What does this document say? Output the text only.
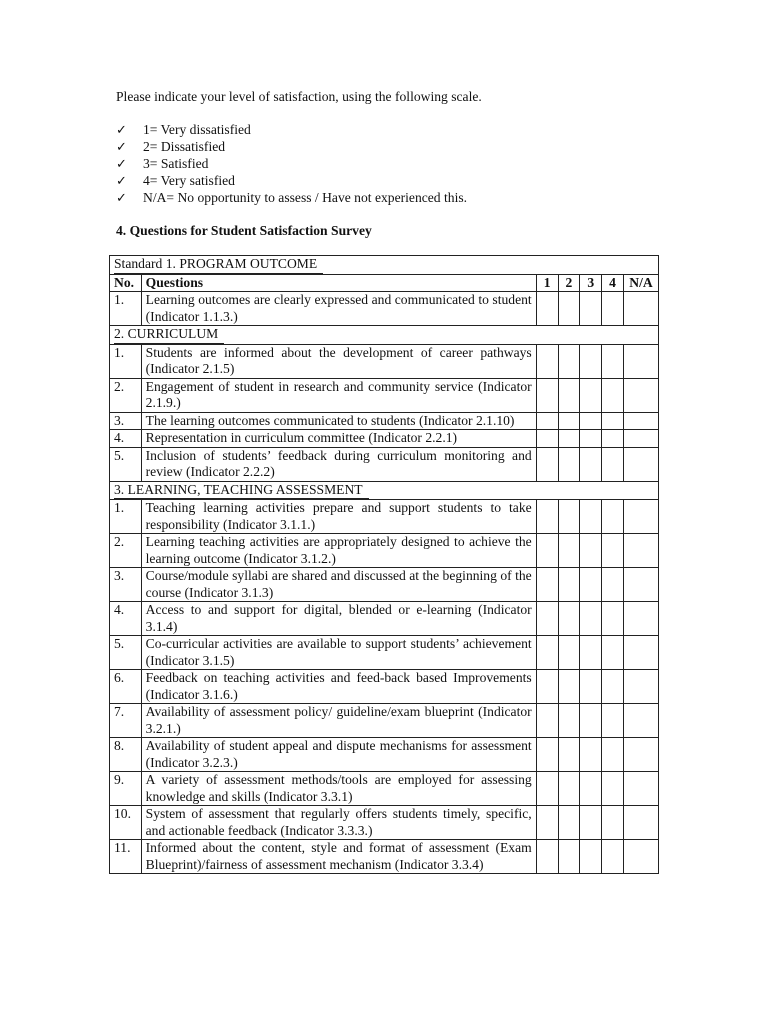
Please indicate your level of satisfaction, using the following scale.

✓ 1= Very dissatisfied
✓ 2= Dissatisfied
✓ 3= Satisfied
✓ 4= Very satisfied
✓ N/A= No opportunity to assess / Have not experienced this.

4. Questions for Student Satisfaction Survey

Standard 1. PROGRAM OUTCOME						
No.	Questions	1	2	3	4	N/A
1.	Learning outcomes are clearly expressed and communicated to student (Indicator 1.1.3.)					
2. CURRICULUM						
1.	Students are informed about the development of career pathways (Indicator 2.1.5)					
2.	Engagement of student in research and community service (Indicator 2.1.9.)					
3.	The learning outcomes communicated to students (Indicator 2.1.10)					
4.	Representation in curriculum committee (Indicator 2.2.1)					
5.	Inclusion of students’ feedback during curriculum monitoring and review (Indicator 2.2.2)					
3. LEARNING, TEACHING ASSESSMENT						
1.	Teaching learning activities prepare and support students to take responsibility (Indicator 3.1.1.)					
2.	Learning teaching activities are appropriately designed to achieve the learning outcome (Indicator 3.1.2.)					
3.	Course/module syllabi are shared and discussed at the beginning of the course (Indicator 3.1.3)					
4.	Access to and support for digital, blended or e-learning (Indicator 3.1.4)					
5.	Co-curricular activities are available to support students’ achievement (Indicator 3.1.5)					
6.	Feedback on teaching activities and feed-back based Improvements (Indicator 3.1.6.)					
7.	Availability of assessment policy/ guideline/exam blueprint (Indicator 3.2.1.)					
8.	Availability of student appeal and dispute mechanisms for assessment (Indicator 3.2.3.)					
9.	A variety of assessment methods/tools are employed for assessing knowledge and skills (Indicator 3.3.1)					
10.	System of assessment that regularly offers students timely, specific, and actionable feedback (Indicator 3.3.3.)					
11.	Informed about the content, style and format of assessment (Exam Blueprint)/fairness of assessment mechanism (Indicator 3.3.4)					
